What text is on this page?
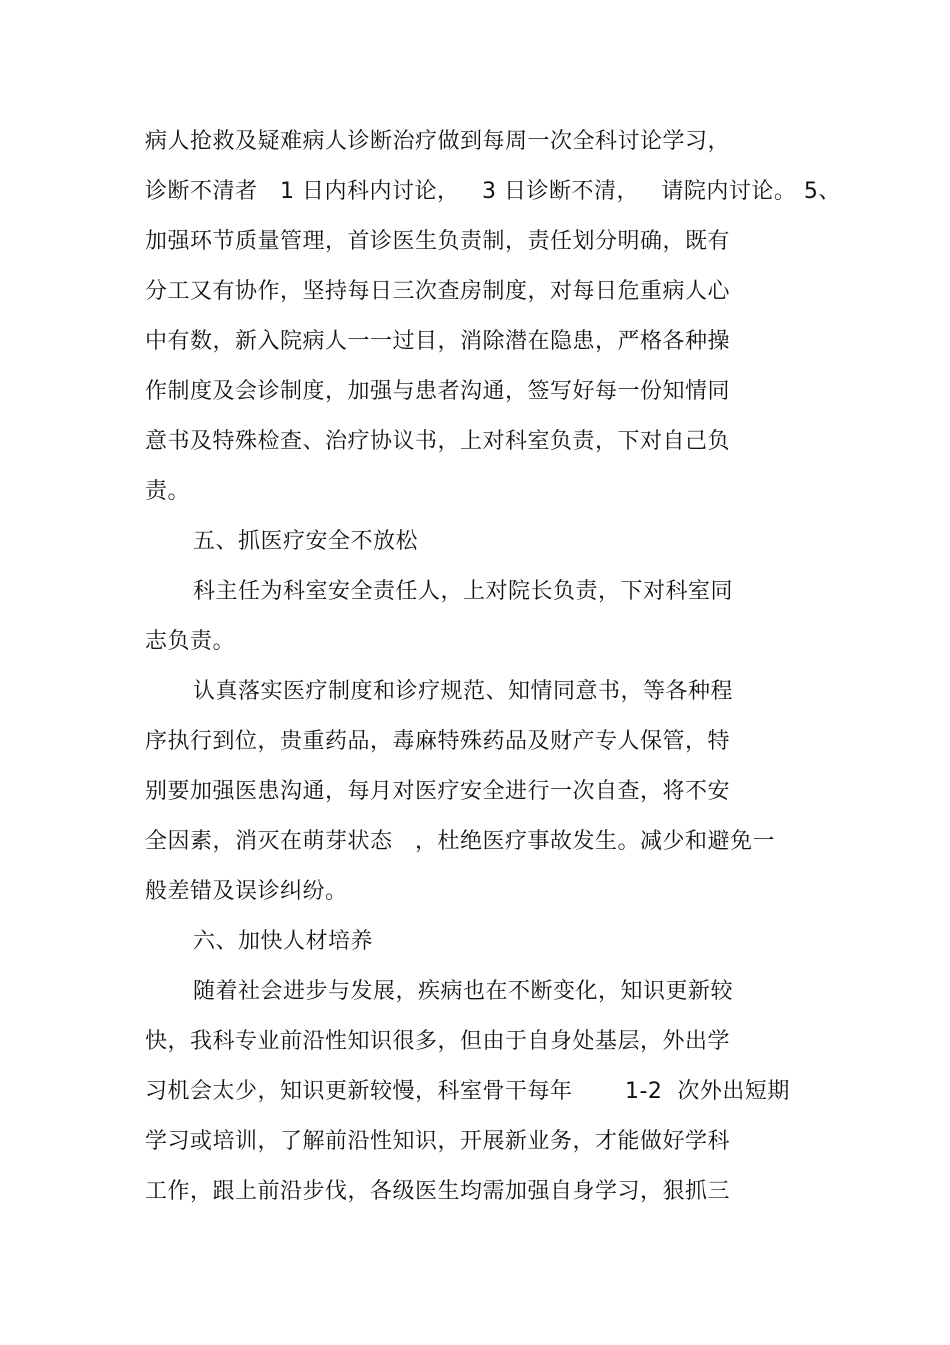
病人抢救及疑难病人诊断治疗做到每周一次全科讨论学习，
诊断不清者   1 日内科内讨论，   3 日诊断不清，   请院内讨论。 5、
加强环节质量管理，首诊医生负责制，责任划分明确，既有
分工又有协作，坚持每日三次查房制度，对每日危重病人心
中有数，新入院病人一一过目，消除潜在隐患，严格各种操
作制度及会诊制度，加强与患者沟通，签写好每一份知情同
意书及特殊检查、治疗协议书，上对科室负责，下对自己负
责。
五、抓医疗安全不放松
科主任为科室安全责任人，上对院长负责，下对科室同
志负责。
认真落实医疗制度和诊疗规范、知情同意书，等各种程
序执行到位，贵重药品，毒麻特殊药品及财产专人保管，特
别要加强医患沟通，每月对医疗安全进行一次自查，将不安
全因素，消灭在萌芽状态   ，杜绝医疗事故发生。减少和避免一
般差错及误诊纠纷。
六、加快人材培养
随着社会进步与发展，疾病也在不断变化，知识更新较
快，我科专业前沿性知识很多，但由于自身处基层，外出学
习机会太少，知识更新较慢，科室骨干每年       1-2  次外出短期
学习或培训，了解前沿性知识，开展新业务，才能做好学科
工作，跟上前沿步伐，各级医生均需加强自身学习，狠抓三
